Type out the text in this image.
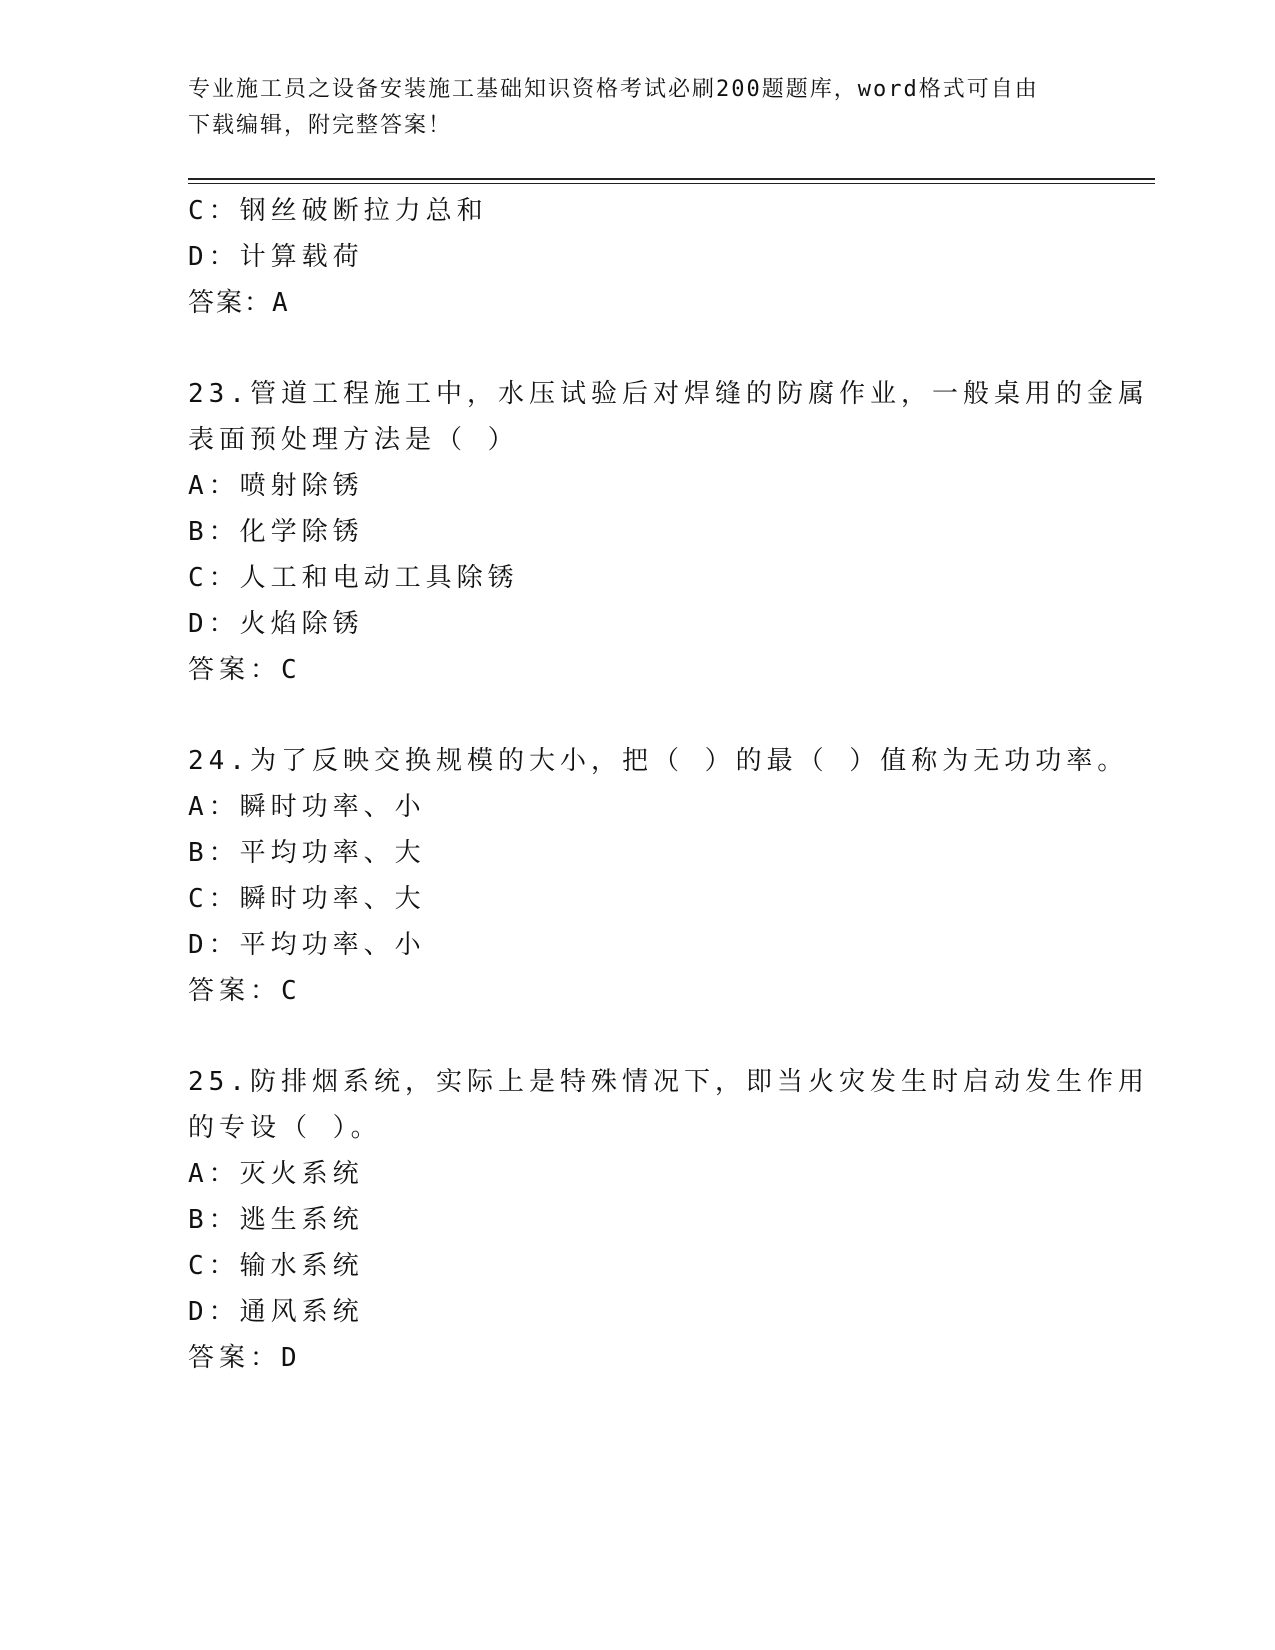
专业施工员之设备安装施工基础知识资格考试必刷200题题库，word格式可自由
下载编辑，附完整答案！
C：钢丝破断拉力总和
D：计算载荷
答案：A
23.管道工程施工中，水压试验后对焊缝的防腐作业，一般桌用的金属
表面预处理方法是（ ）
A：喷射除锈
B：化学除锈
C：人工和电动工具除锈
D：火焰除锈
答案：C
24.为了反映交换规模的大小，把（ ）的最（ ）值称为无功功率。
A：瞬时功率、小
B：平均功率、大
C：瞬时功率、大
D：平均功率、小
答案：C
25.防排烟系统，实际上是特殊情况下，即当火灾发生时启动发生作用
的专设（ ）。
A：灭火系统
B：逃生系统
C：输水系统
D：通风系统
答案：D
